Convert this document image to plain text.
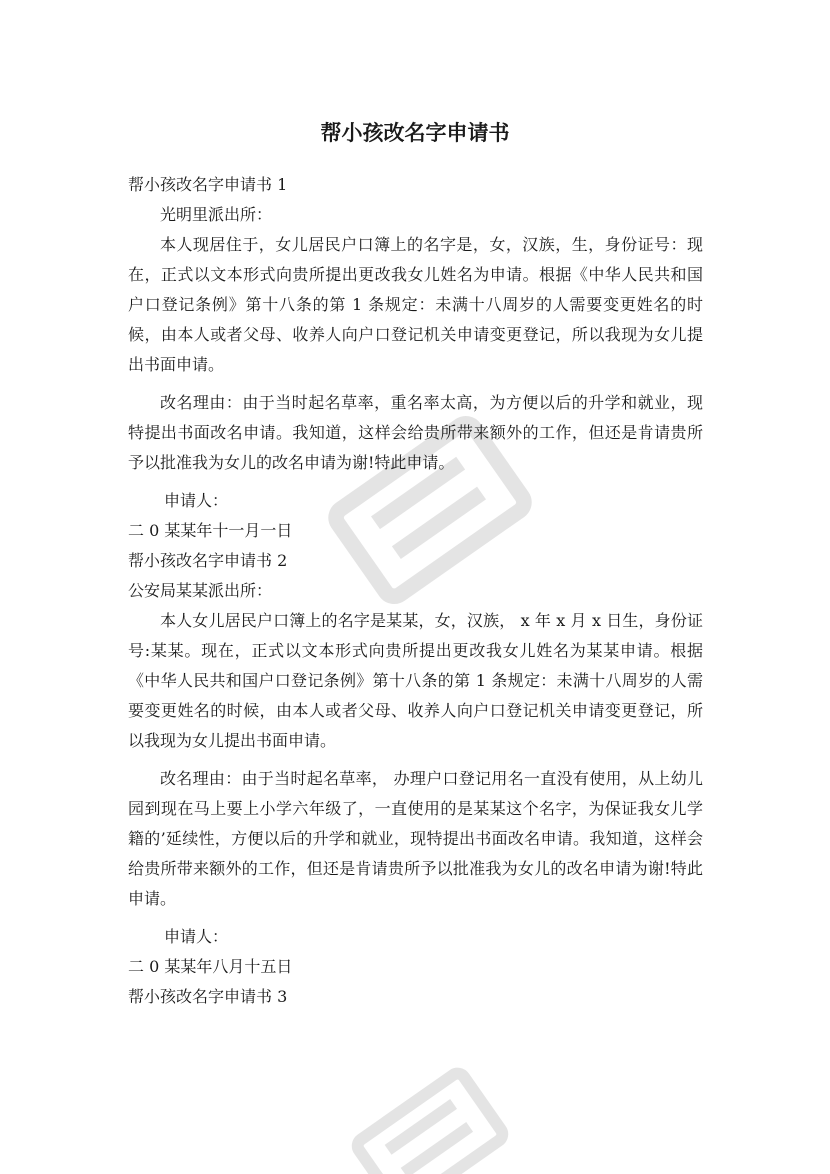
帮小孩改名字申请书

帮小孩改名字申请书 1

光明里派出所：

本人现居住于，女儿居民户口簿上的名字是，女，汉族，生，身份证号：现在，正式以文本形式向贵所提出更改我女儿姓名为申请。根据《中华人民共和国户口登记条例》第十八条的第 1 条规定：未满十八周岁的人需要变更姓名的时候，由本人或者父母、收养人向户口登记机关申请变更登记，所以我现为女儿提出书面申请。

改名理由：由于当时起名草率，重名率太高，为方便以后的升学和就业，现特提出书面改名申请。我知道，这样会给贵所带来额外的工作，但还是肯请贵所予以批准我为女儿的改名申请为谢!特此申请。

申请人：

二 0 某某年十一月一日

帮小孩改名字申请书 2

公安局某某派出所：

本人女儿居民户口簿上的名字是某某，女，汉族， x 年 x 月 x 日生，身份证号:某某。现在，正式以文本形式向贵所提出更改我女儿姓名为某某申请。根据《中华人民共和国户口登记条例》第十八条的第 1 条规定：未满十八周岁的人需要变更姓名的时候，由本人或者父母、收养人向户口登记机关申请变更登记，所以我现为女儿提出书面申请。

改名理由：由于当时起名草率， 办理户口登记用名一直没有使用，从上幼儿园到现在马上要上小学六年级了，一直使用的是某某这个名字，为保证我女儿学籍的’延续性，方便以后的升学和就业，现特提出书面改名申请。我知道，这样会给贵所带来额外的工作，但还是肯请贵所予以批准我为女儿的改名申请为谢!特此申请。

申请人：

二 0 某某年八月十五日

帮小孩改名字申请书 3
